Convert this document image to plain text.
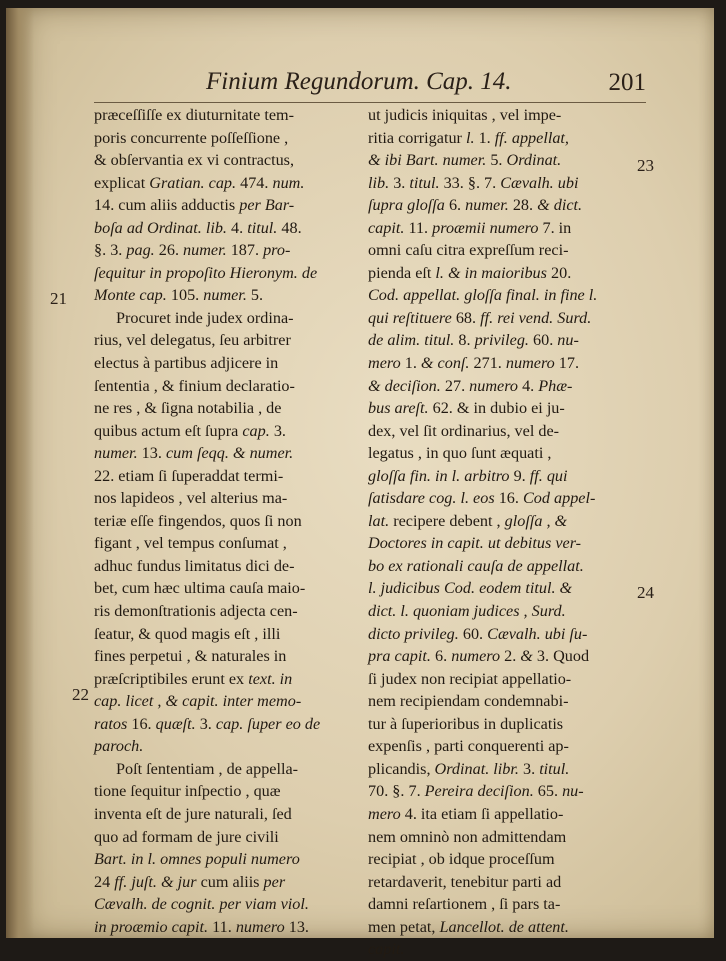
Finium Regundorum. Cap. 14.	201
21
22
23
24
præceſſiſſe ex diuturnitate tem-
poris concurrente poſſeſſione ,
& obſervantia ex vi contractus,
explicat Gratian. cap. 474. num.
14. cum aliis adductis per Bar-
boſa ad Ordinat. lib. 4. titul. 48.
§. 3. pag. 26. numer. 187. pro-
ſequitur in propoſito Hieronym. de
Monte cap. 105. numer. 5.
Procuret inde judex ordina-
rius, vel delegatus, ſeu arbitrer
electus à partibus adjicere in
ſententia , & finium declaratio-
ne res , & ſigna notabilia , de
quibus actum eſt ſupra cap. 3.
numer. 13. cum ſeqq. & numer.
22. etiam ſi ſuperaddat termi-
nos lapideos , vel alterius ma-
teriæ eſſe fingendos, quos ſi non
figant , vel tempus conſumat ,
adhuc fundus limitatus dici de-
bet, cum hæc ultima cauſa maio-
ris demonſtrationis adjecta cen-
ſeatur, & quod magis eſt , illi
fines perpetui , & naturales in
præſcriptibiles erunt ex text. in
cap. licet , & capit. inter memo-
ratos 16. quæſt. 3. cap. ſuper eo de
paroch.
Poſt ſententiam , de appella-
tione ſequitur inſpectio , quæ
inventa eſt de jure naturali, ſed
quo ad formam de jure civili
Bart. in l. omnes populi numero
24 ff. juſt. & jur cum aliis per
Cævalh. de cognit. per viam viol.
in proæmio capit. 11. numero 13.
ut judicis iniquitas , vel impe-
ritia corrigatur l. 1. ff. appellat,
& ibi Bart. numer. 5. Ordinat.
lib. 3. titul. 33. §. 7. Cævalh. ubi
ſupra gloſſa 6. numer. 28. & dict.
capit. 11. proæmii numero 7. in
omni caſu citra expreſſum reci-
pienda eſt l. & in maioribus 20.
Cod. appellat. gloſſa final. in fine l.
qui reſtituere 68. ff. rei vend. Surd.
de alim. titul. 8. privileg. 60. nu-
mero 1. & conſ. 271. numero 17.
& deciſion. 27. numero 4. Phæ-
bus areſt. 62. & in dubio ei ju-
dex, vel ſit ordinarius, vel de-
legatus , in quo ſunt æquati ,
gloſſa fin. in l. arbitro 9. ff. qui
ſatisdare cog. l. eos 16. Cod appel-
lat. recipere debent , gloſſa , &
Doctores in capit. ut debitus ver-
bo ex rationali cauſa de appellat.
l. judicibus Cod. eodem titul. &
dict. l. quoniam judices , Surd.
dicto privileg. 60. Cævalh. ubi ſu-
pra capit. 6. numero 2. & 3. Quod
ſi judex non recipiat appellatio-
nem recipiendam condemnabi-
tur à ſuperioribus in duplicatis
expenſis , parti conquerenti ap-
plicandis, Ordinat. libr. 3. titul.
70. §. 7. Pereira deciſion. 65. nu-
mero 4. ita etiam ſi appellatio-
nem omninò non admittendam
recipiat , ob idque proceſſum
retardaverit, tenebitur parti ad
damni reſartionem , ſi pars ta-
men petat, Lancellot. de attent.
capit.
